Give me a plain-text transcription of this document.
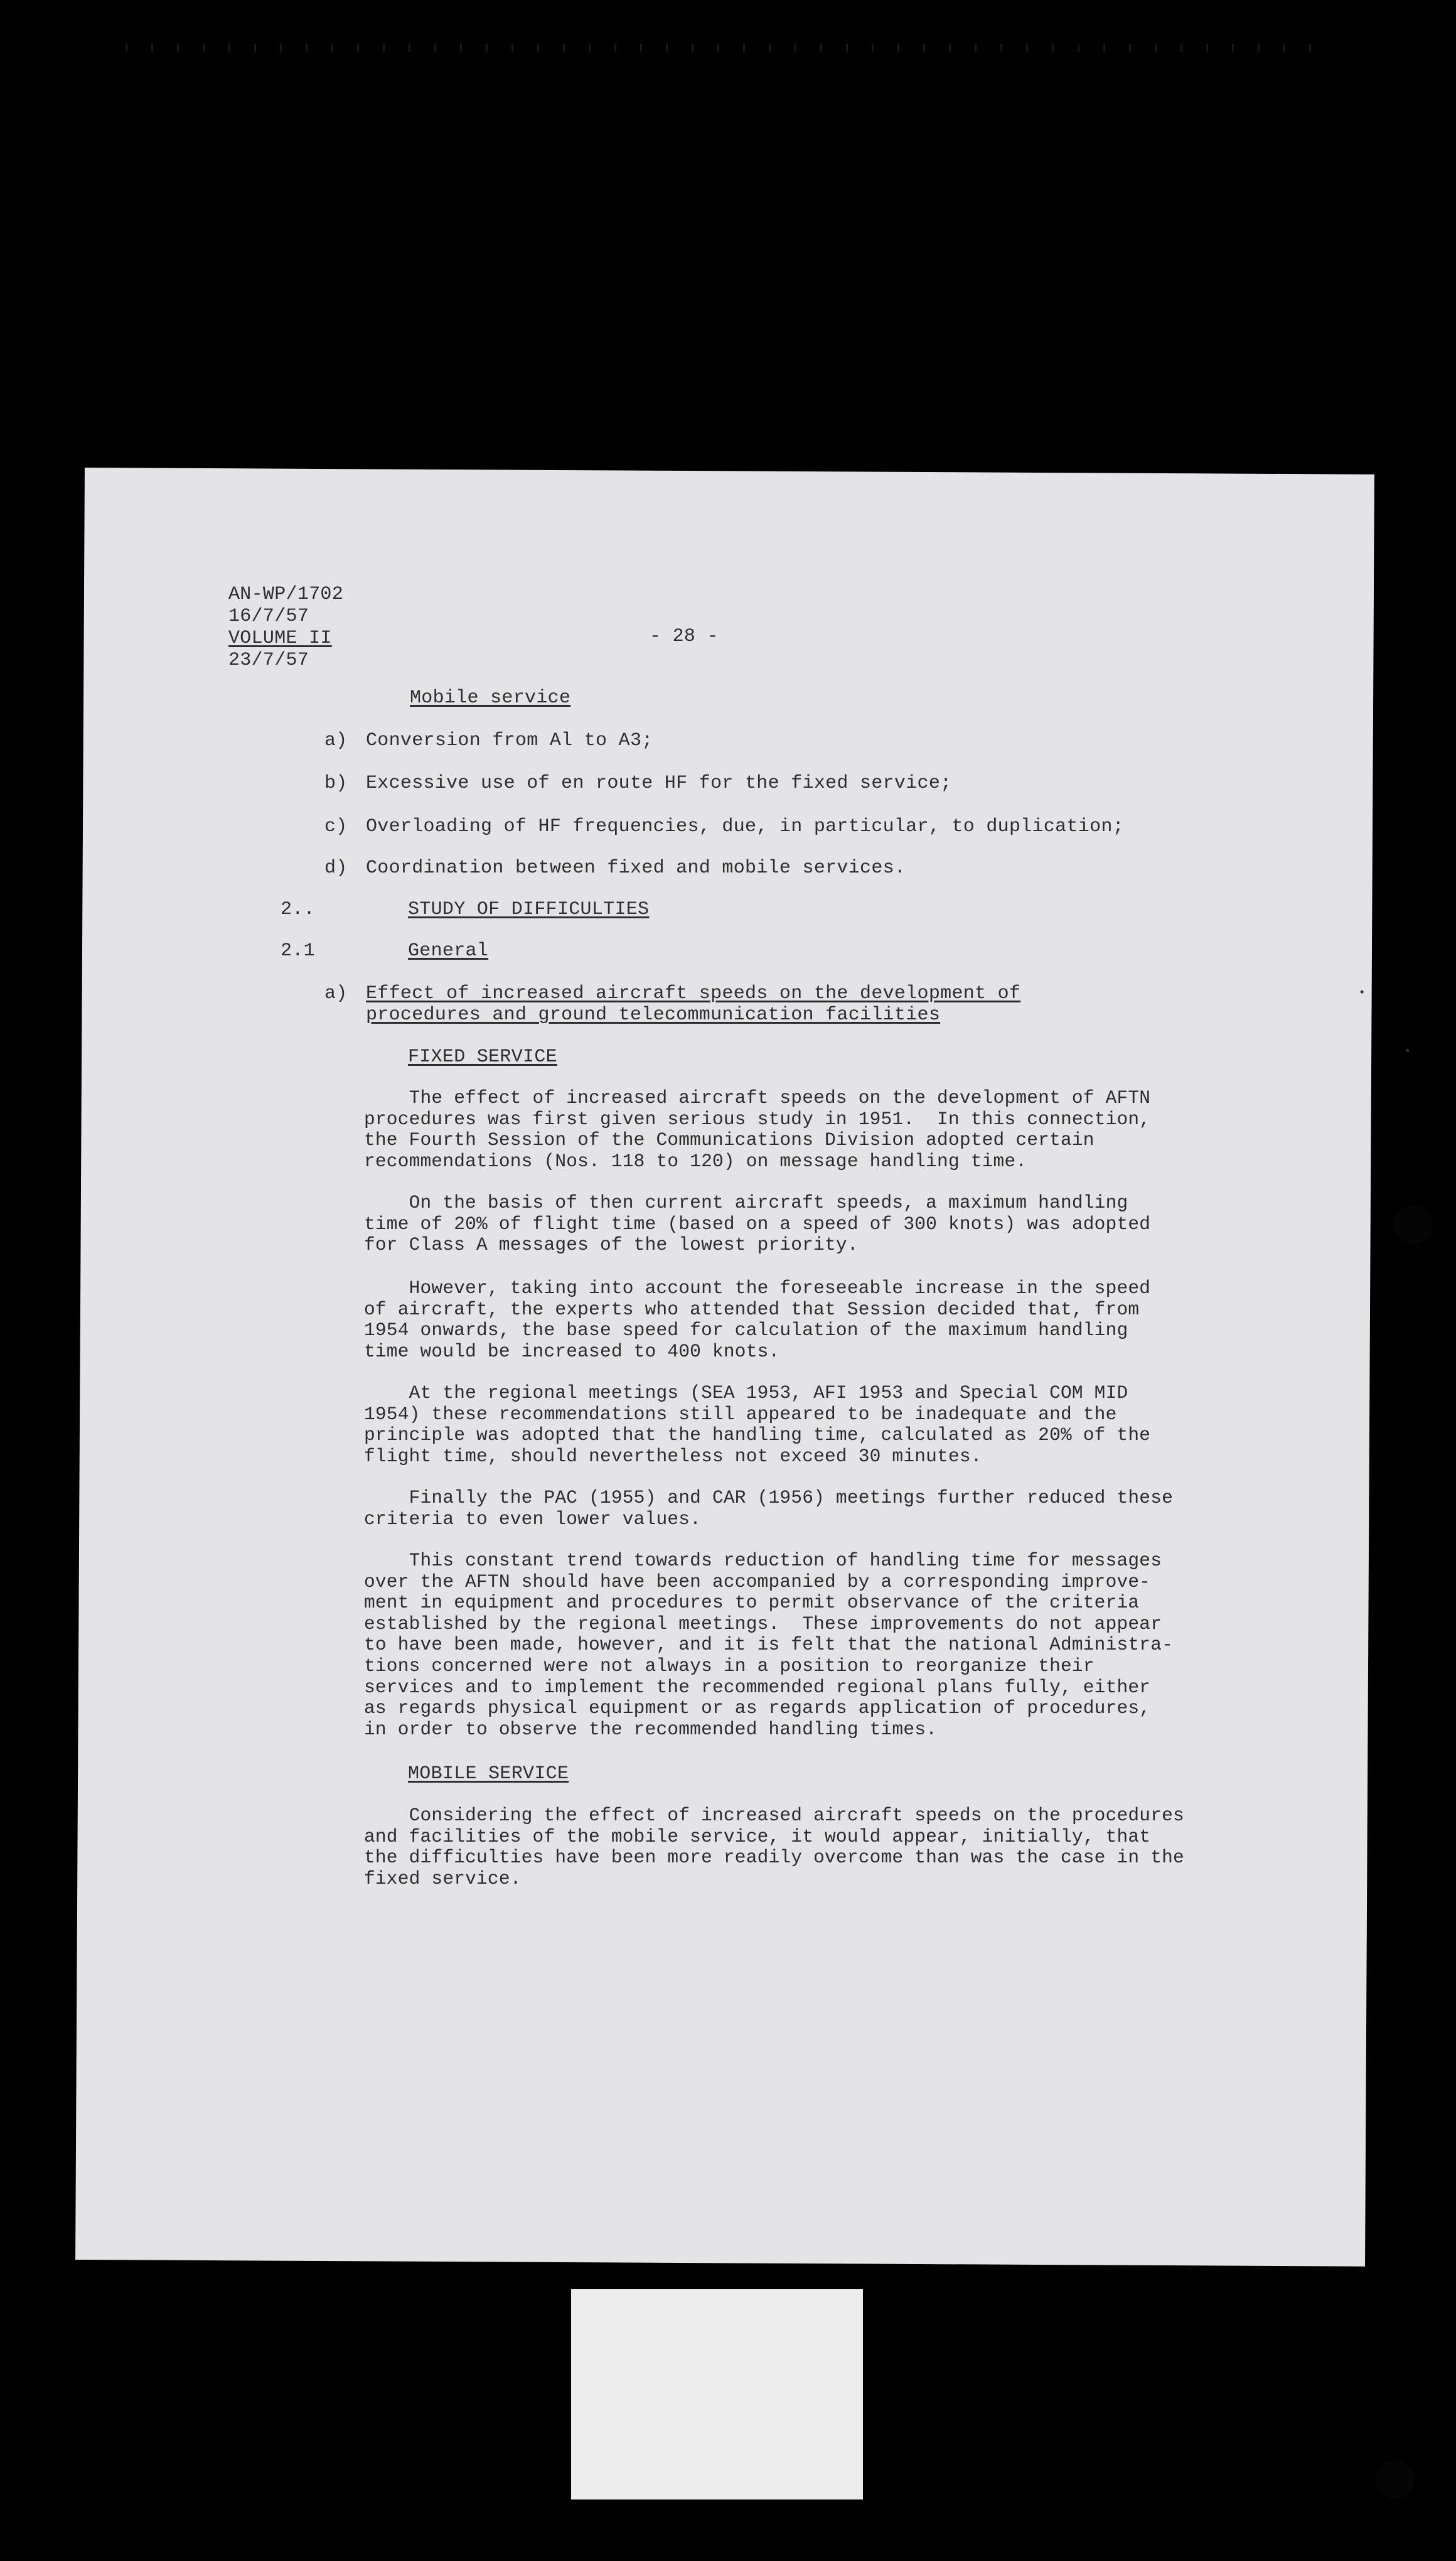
AN-WP/1702
16/7/57
VOLUME II
23/7/57
- 28 -
Mobile service
a) Conversion from Al to A3;
b) Excessive use of en route HF for the fixed service;
c) Overloading of HF frequencies, due, in particular, to duplication;
d) Coordination between fixed and mobile services.
2..	STUDY OF DIFFICULTIES
2.1	General
a) Effect of increased aircraft speeds on the development of
procedures and ground telecommunication facilities
FIXED SERVICE
The effect of increased aircraft speeds on the development of AFTN
procedures was first given serious study in 1951.  In this connection,
the Fourth Session of the Communications Division adopted certain
recommendations (Nos. 118 to 120) on message handling time.
On the basis of then current aircraft speeds, a maximum handling
time of 20% of flight time (based on a speed of 300 knots) was adopted
for Class A messages of the lowest priority.
However, taking into account the foreseeable increase in the speed
of aircraft, the experts who attended that Session decided that, from
1954 onwards, the base speed for calculation of the maximum handling
time would be increased to 400 knots.
At the regional meetings (SEA 1953, AFI 1953 and Special COM MID
1954) these recommendations still appeared to be inadequate and the
principle was adopted that the handling time, calculated as 20% of the
flight time, should nevertheless not exceed 30 minutes.
Finally the PAC (1955) and CAR (1956) meetings further reduced these
criteria to even lower values.
This constant trend towards reduction of handling time for messages
over the AFTN should have been accompanied by a corresponding improve-
ment in equipment and procedures to permit observance of the criteria
established by the regional meetings.  These improvements do not appear
to have been made, however, and it is felt that the national Administra-
tions concerned were not always in a position to reorganize their
services and to implement the recommended regional plans fully, either
as regards physical equipment or as regards application of procedures,
in order to observe the recommended handling times.
MOBILE SERVICE
Considering the effect of increased aircraft speeds on the procedures
and facilities of the mobile service, it would appear, initially, that
the difficulties have been more readily overcome than was the case in the
fixed service.
